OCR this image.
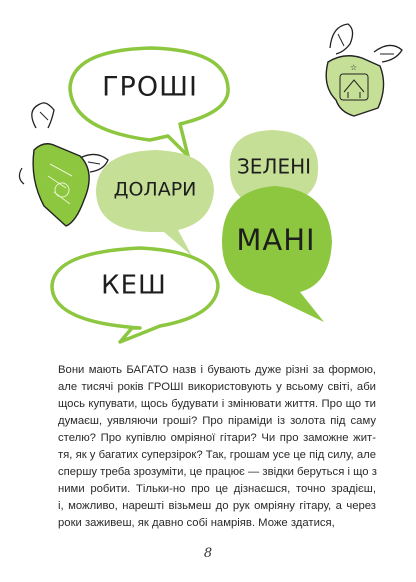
ГРОШІ
ЗЕЛЕНІ
ДОЛАРИ
МАНІ
КЕШ
☆
Вони мають БАГАТО назв і бувають дуже різні за формою,
але тисячі років ГРОШІ використовують у всьому світі, аби
щось купувати, щось будувати і змінювати життя. Про що ти
думаєш, уявляючи гроші? Про піраміди із золота під саму
стелю? Про купівлю омріяної гітари? Чи про заможне жит-
тя, як у багатих суперзірок? Так, грошам усе це під силу, але
спершу треба зрозуміти, це працює — звідки беруться і що з
ними робити. Тільки-но про це дізнаєшся, точно зрадієш,
і, можливо, нарешті візьмеш до рук омріяну гітару, а через
роки заживеш, як давно собі намріяв. Може здатися,
8
